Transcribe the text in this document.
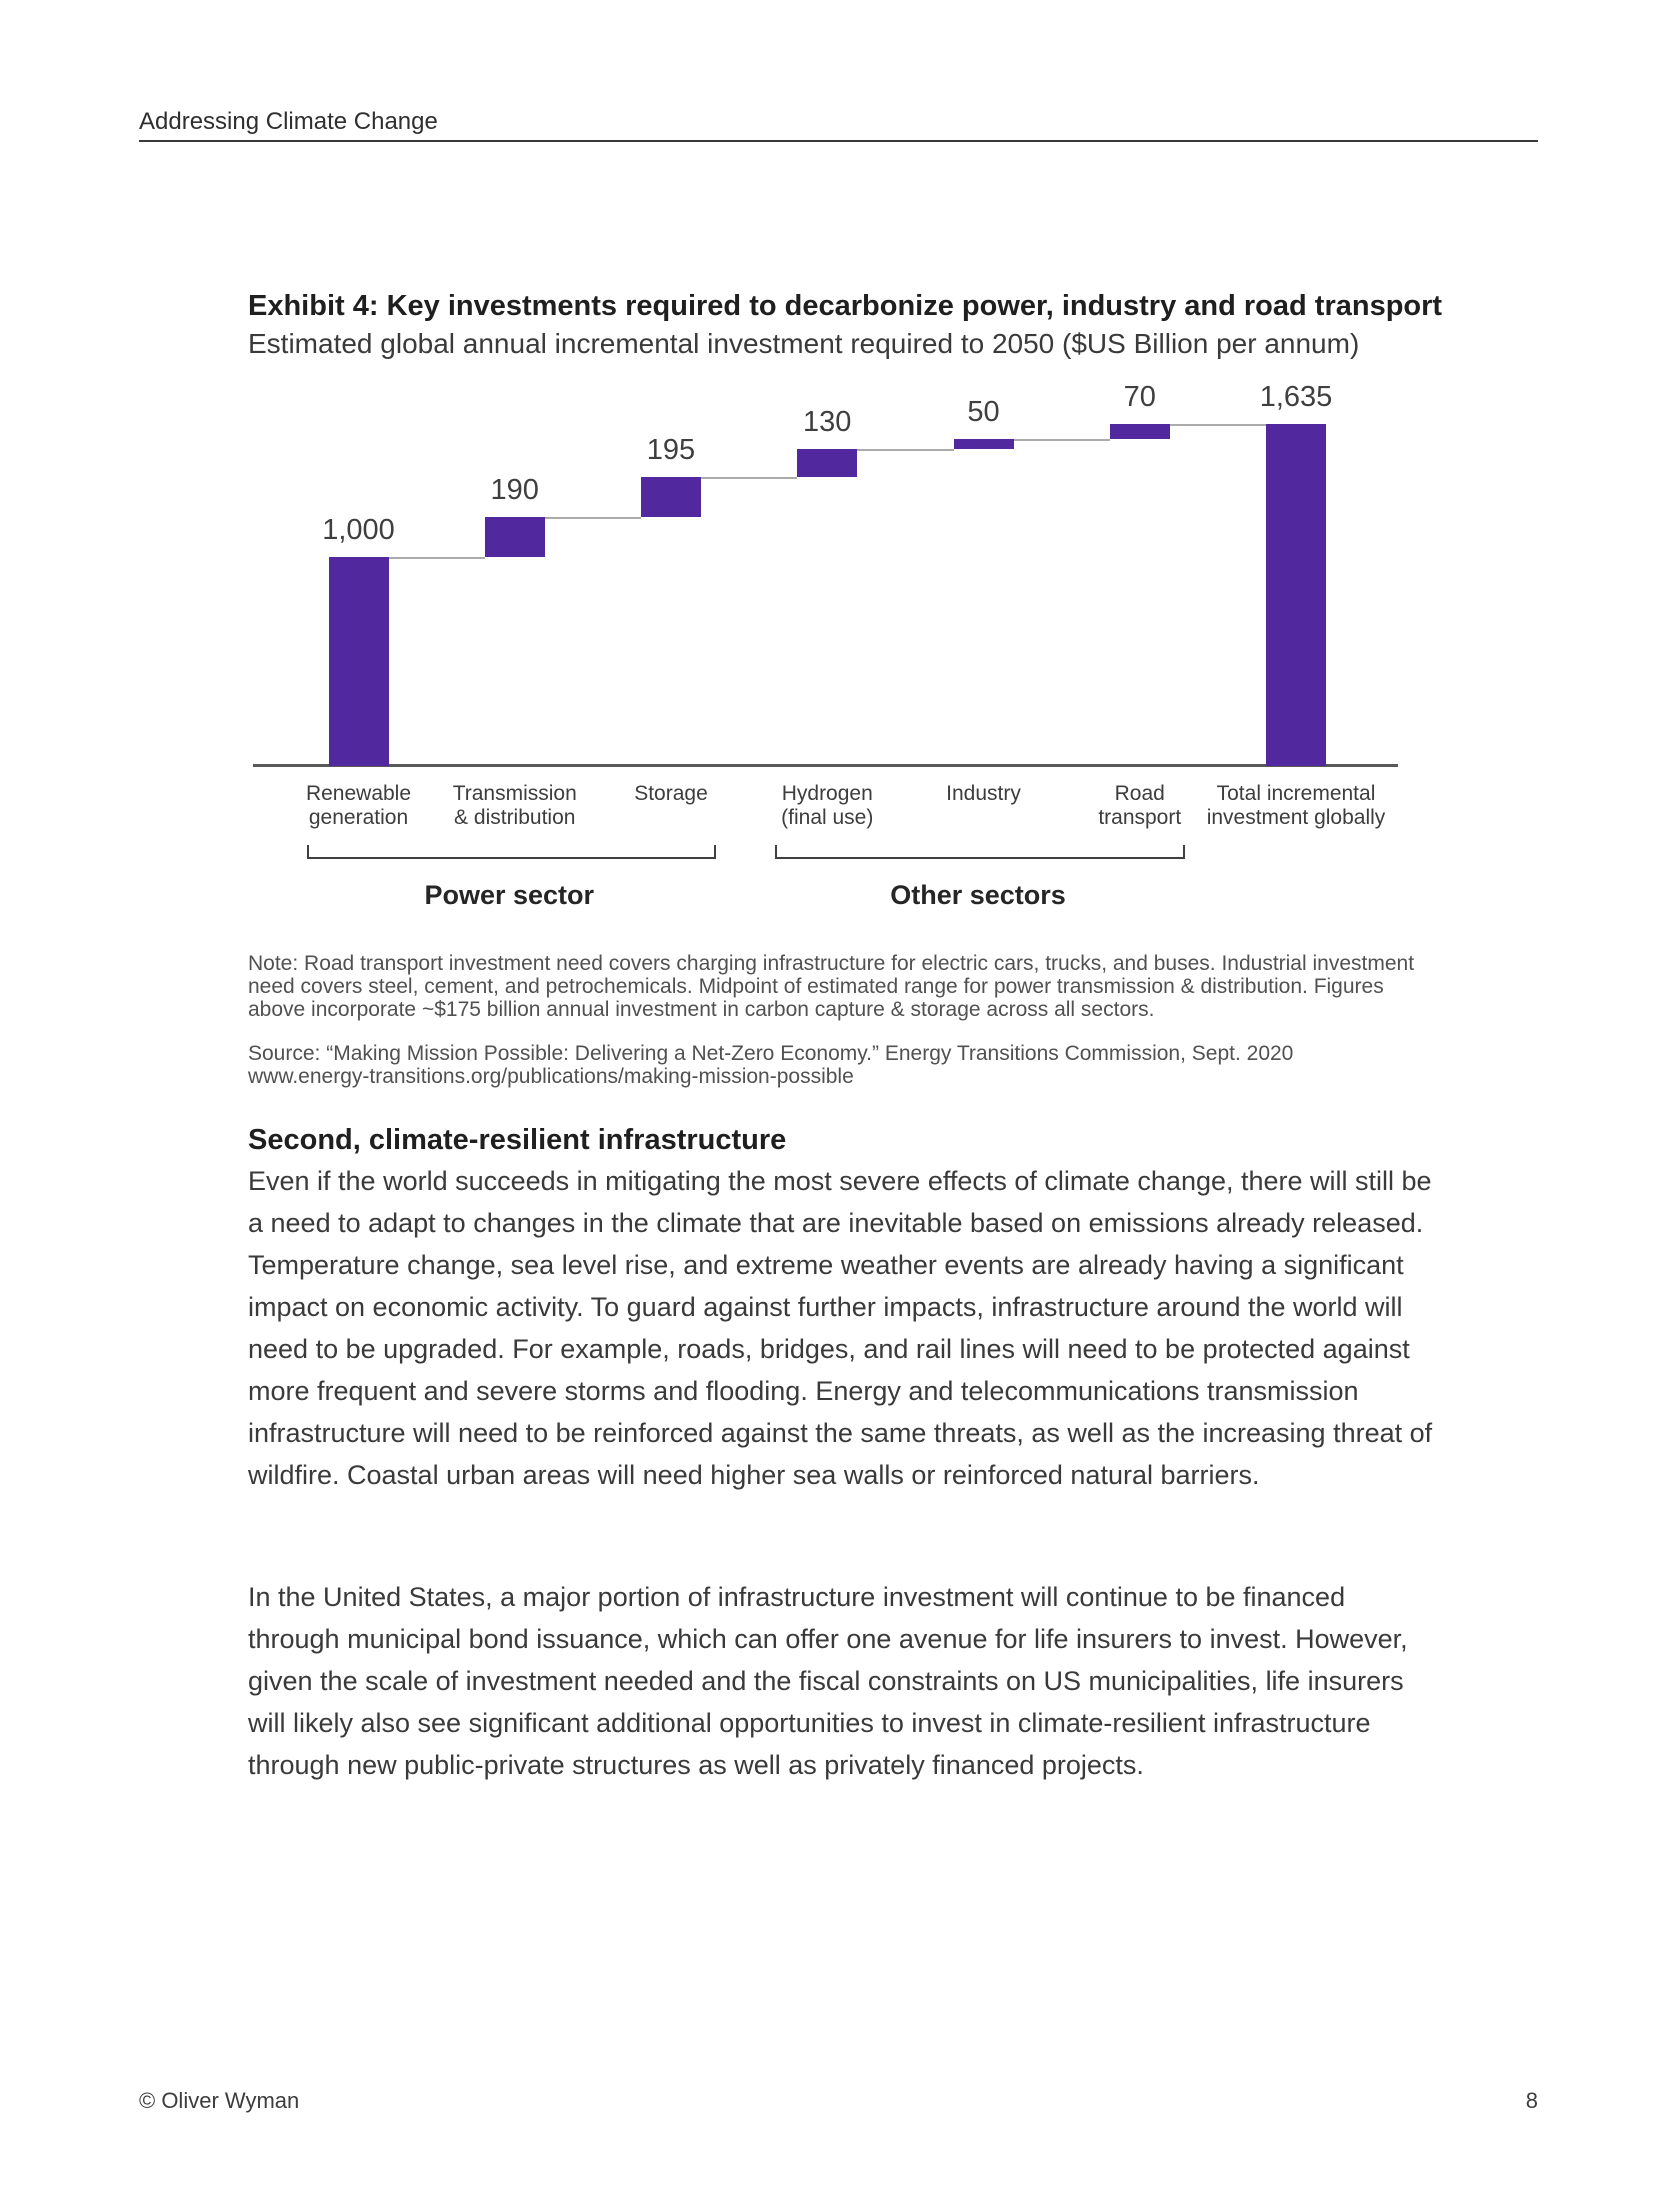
Addressing Climate Change
Exhibit 4: Key investments required to decarbonize power, industry and road transport
Estimated global annual incremental investment required to 2050 ($US Billion per annum)
1,000
Renewable
generation
190
Transmission
& distribution
195
Storage
130
Hydrogen
(final use)
50
Industry
70
Road
transport
1,635
Total incremental
investment globally
Power sector	Other sectors
Note: Road transport investment need covers charging infrastructure for electric cars, trucks, and buses. Industrial investment need covers steel, cement, and petrochemicals. Midpoint of estimated range for power transmission & distribution. Figures above incorporate ~$175 billion annual investment in carbon capture & storage across all sectors.
Source: “Making Mission Possible: Delivering a Net-Zero Economy.” Energy Transitions Commission, Sept. 2020
www.energy-transitions.org/publications/making-mission-possible
Second, climate-resilient infrastructure
Even if the world succeeds in mitigating the most severe effects of climate change, there will still be a need to adapt to changes in the climate that are inevitable based on emissions already released. Temperature change, sea level rise, and extreme weather events are already having a significant impact on economic activity. To guard against further impacts, infrastructure around the world will need to be upgraded. For example, roads, bridges, and rail lines will need to be protected against more frequent and severe storms and flooding. Energy and telecommunications transmission infrastructure will need to be reinforced against the same threats, as well as the increasing threat of wildfire. Coastal urban areas will need higher sea walls or reinforced natural barriers.
In the United States, a major portion of infrastructure investment will continue to be financed through municipal bond issuance, which can offer one avenue for life insurers to invest. However, given the scale of investment needed and the fiscal constraints on US municipalities, life insurers will likely also see significant additional opportunities to invest in climate-resilient infrastructure through new public-private structures as well as privately financed projects.
© Oliver Wyman	8
